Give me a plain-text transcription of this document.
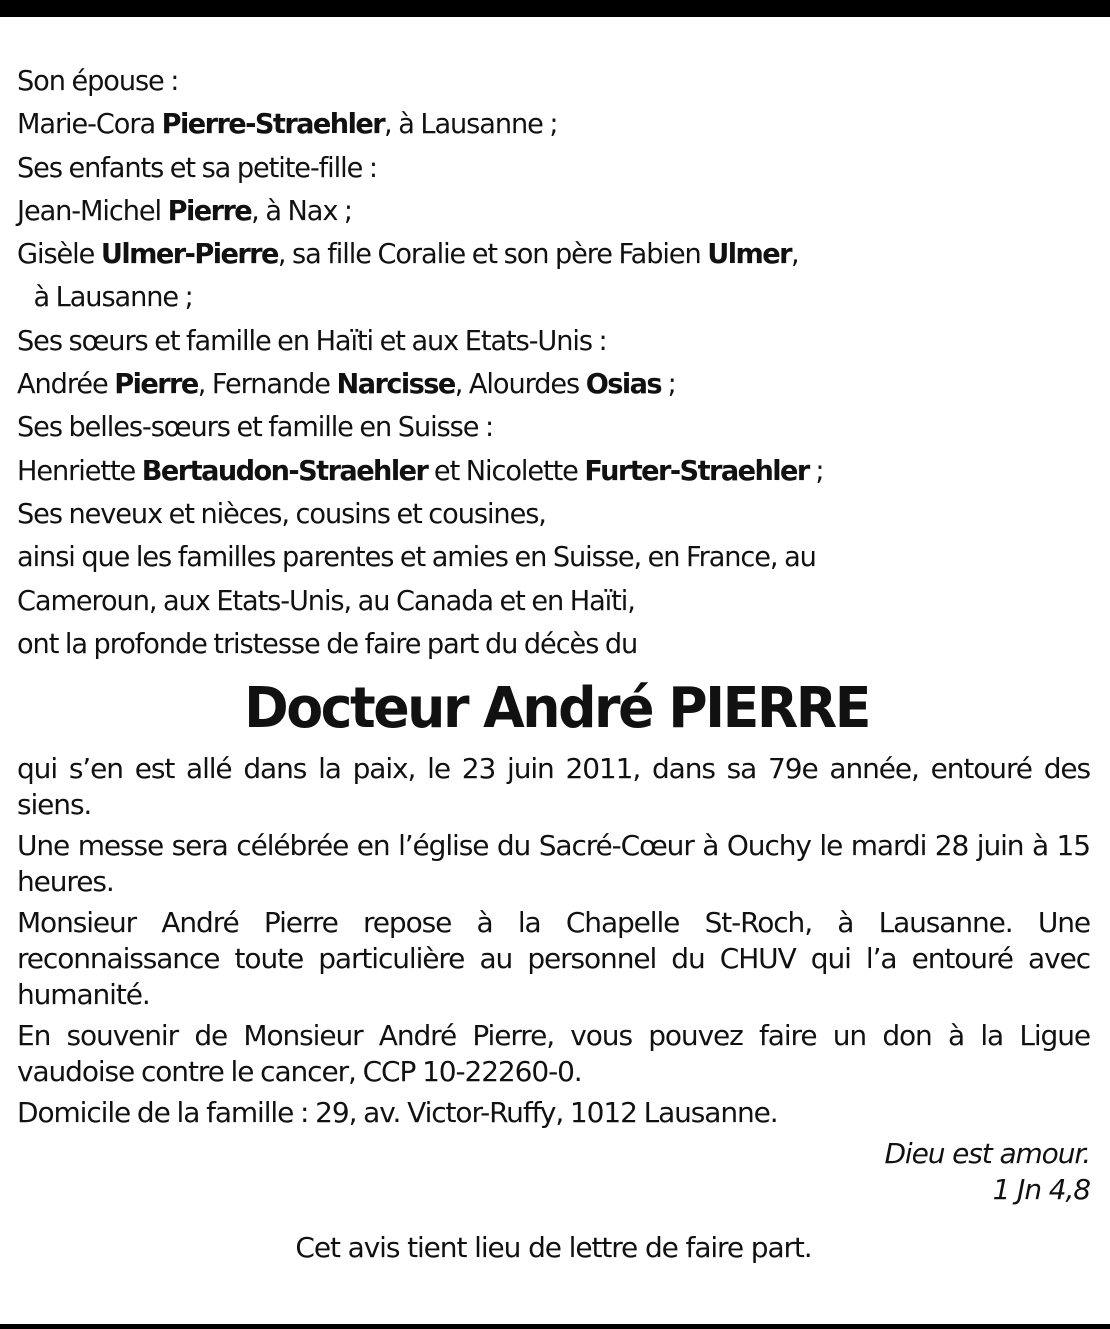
Son épouse :
Marie-Cora Pierre-Straehler, à Lausanne ;
Ses enfants et sa petite-fille :
Jean-Michel Pierre, à Nax ;
Gisèle Ulmer-Pierre, sa fille Coralie et son père Fabien Ulmer,
à Lausanne ;
Ses sœurs et famille en Haïti et aux Etats-Unis :
Andrée Pierre, Fernande Narcisse, Alourdes Osias ;
Ses belles-sœurs et famille en Suisse :
Henriette Bertaudon-Straehler et Nicolette Furter-Straehler ;
Ses neveux et nièces, cousins et cousines,
ainsi que les familles parentes et amies en Suisse, en France, au
Cameroun, aux Etats-Unis, au Canada et en Haïti,
ont la profonde tristesse de faire part du décès du
Docteur André PIERRE
qui s’en est allé dans la paix, le 23 juin 2011, dans sa 79e année, entouré des siens.
Une messe sera célébrée en l’église du Sacré-Cœur à Ouchy le mardi 28 juin à 15 heures.
Monsieur André Pierre repose à la Chapelle St-Roch, à Lausanne. Une reconnaissance toute particulière au personnel du CHUV qui l’a entouré avec humanité.
En souvenir de Monsieur André Pierre, vous pouvez faire un don à la Ligue vaudoise contre le cancer, CCP 10-22260-0.
Domicile de la famille : 29, av. Victor-Ruffy, 1012 Lausanne.
Dieu est amour.
1 Jn 4,8
Cet avis tient lieu de lettre de faire part.
